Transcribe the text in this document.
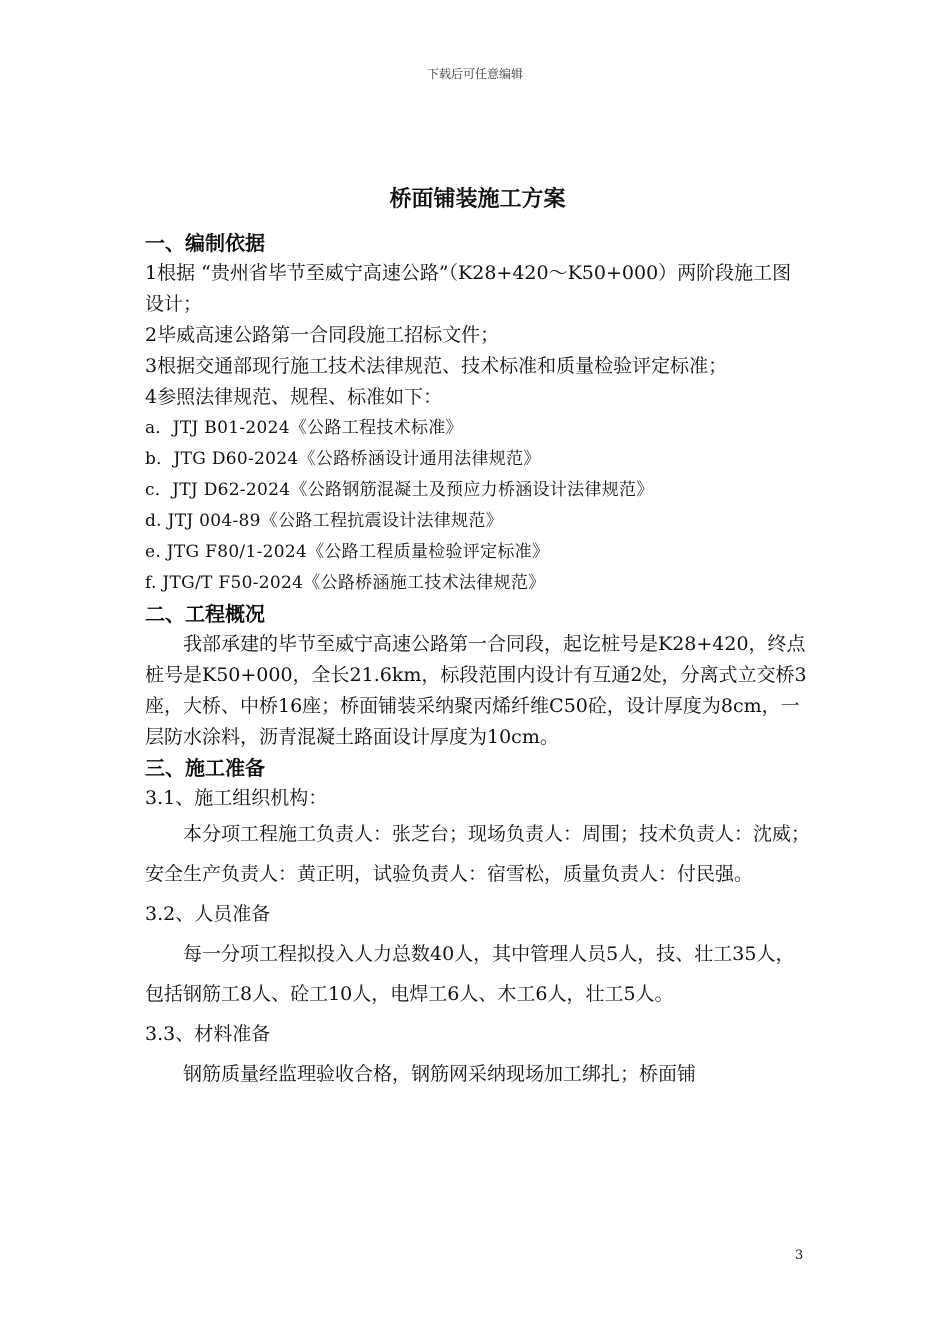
下载后可任意编辑
桥面铺装施工方案
一、编制依据
1根据 “贵州省毕节至威宁高速公路”（K28+420～K50+000）两阶段施工图设计；
2毕威高速公路第一合同段施工招标文件；
3根据交通部现行施工技术法律规范、技术标准和质量检验评定标准；
4参照法律规范、规程、标准如下：
a．JTJ B01-2024《公路工程技术标准》
b．JTG D60-2024《公路桥涵设计通用法律规范》
c．JTJ D62-2024《公路钢筋混凝土及预应力桥涵设计法律规范》
d. JTJ 004-89《公路工程抗震设计法律规范》
e. JTG F80/1-2024《公路工程质量检验评定标准》
f. JTG/T F50-2024《公路桥涵施工技术法律规范》
二、工程概况
我部承建的毕节至威宁高速公路第一合同段，起讫桩号是K28+420，终点桩号是K50+000，全长21.6km，标段范围内设计有互通2处，分离式立交桥3座，大桥、中桥16座；桥面铺装采纳聚丙烯纤维C50砼，设计厚度为8cm，一层防水涂料，沥青混凝土路面设计厚度为10cm。
三、施工准备
3.1、施工组织机构：
本分项工程施工负责人：张芝台；现场负责人：周围；技术负责人：沈威；安全生产负责人：黄正明，试验负责人：宿雪松，质量负责人：付民强。
3.2、人员准备
每一分项工程拟投入人力总数40人，其中管理人员5人，技、壮工35人，包括钢筋工8人、砼工10人，电焊工6人、木工6人，壮工5人。
3.3、材料准备
钢筋质量经监理验收合格，钢筋网采纳现场加工绑扎；桥面铺
3
